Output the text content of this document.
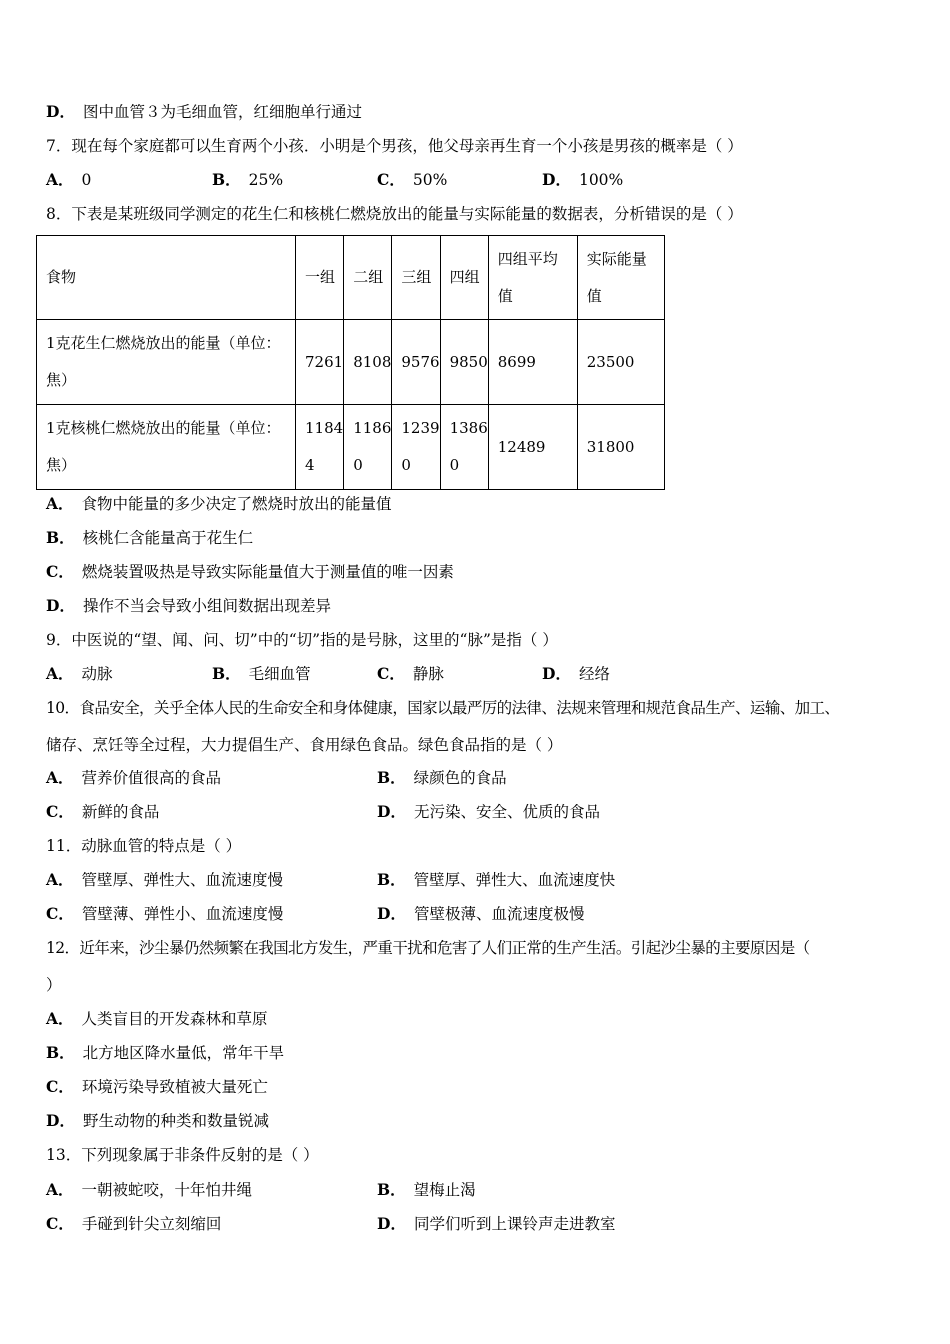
D． 图中血管３为毛细血管，红细胞单行通过
7．现在每个家庭都可以生育两个小孩．小明是个男孩，他父母亲再生育一个小孩是男孩的概率是（ ）
A． 0	B． 25%	C． 50%	D． 100%
8．下表是某班级同学测定的花生仁和核桃仁燃烧放出的能量与实际能量的数据表，分析错误的是（ ）
食物	一组	二组	三组	四组	四组平均值	实际能量值
1克花生仁燃烧放出的能量（单位：焦）	7261	8108	9576	9850	8699	23500
1克核桃仁燃烧放出的能量（单位：焦）	11844	11860	12390	13860	12489	31800
A． 食物中能量的多少决定了燃烧时放出的能量值
B． 核桃仁含能量高于花生仁
C． 燃烧装置吸热是导致实际能量值大于测量值的唯一因素
D． 操作不当会导致小组间数据出现差异
9．中医说的“望、闻、问、切”中的“切”指的是号脉，这里的“脉”是指（ ）
A． 动脉	B． 毛细血管	C． 静脉	D． 经络
10．食品安全，关乎全体人民的生命安全和身体健康，国家以最严厉的法律、法规来管理和规范食品生产、运输、加工、
储存、烹饪等全过程，大力提倡生产、食用绿色食品。绿色食品指的是（ ）
A． 营养价值很高的食品	B． 绿颜色的食品
C． 新鲜的食品	D． 无污染、安全、优质的食品
11．动脉血管的特点是（ ）
A． 管壁厚、弹性大、血流速度慢	B． 管壁厚、弹性大、血流速度快
C． 管壁薄、弹性小、血流速度慢	D． 管壁极薄、血流速度极慢
12．近年来，沙尘暴仍然频繁在我国北方发生，严重干扰和危害了人们正常的生产生活。引起沙尘暴的主要原因是（
）
A． 人类盲目的开发森林和草原
B． 北方地区降水量低，常年干旱
C． 环境污染导致植被大量死亡
D． 野生动物的种类和数量锐减
13．下列现象属于非条件反射的是（ ）
A． 一朝被蛇咬，十年怕井绳	B． 望梅止渴
C． 手碰到针尖立刻缩回	D． 同学们听到上课铃声走进教室
